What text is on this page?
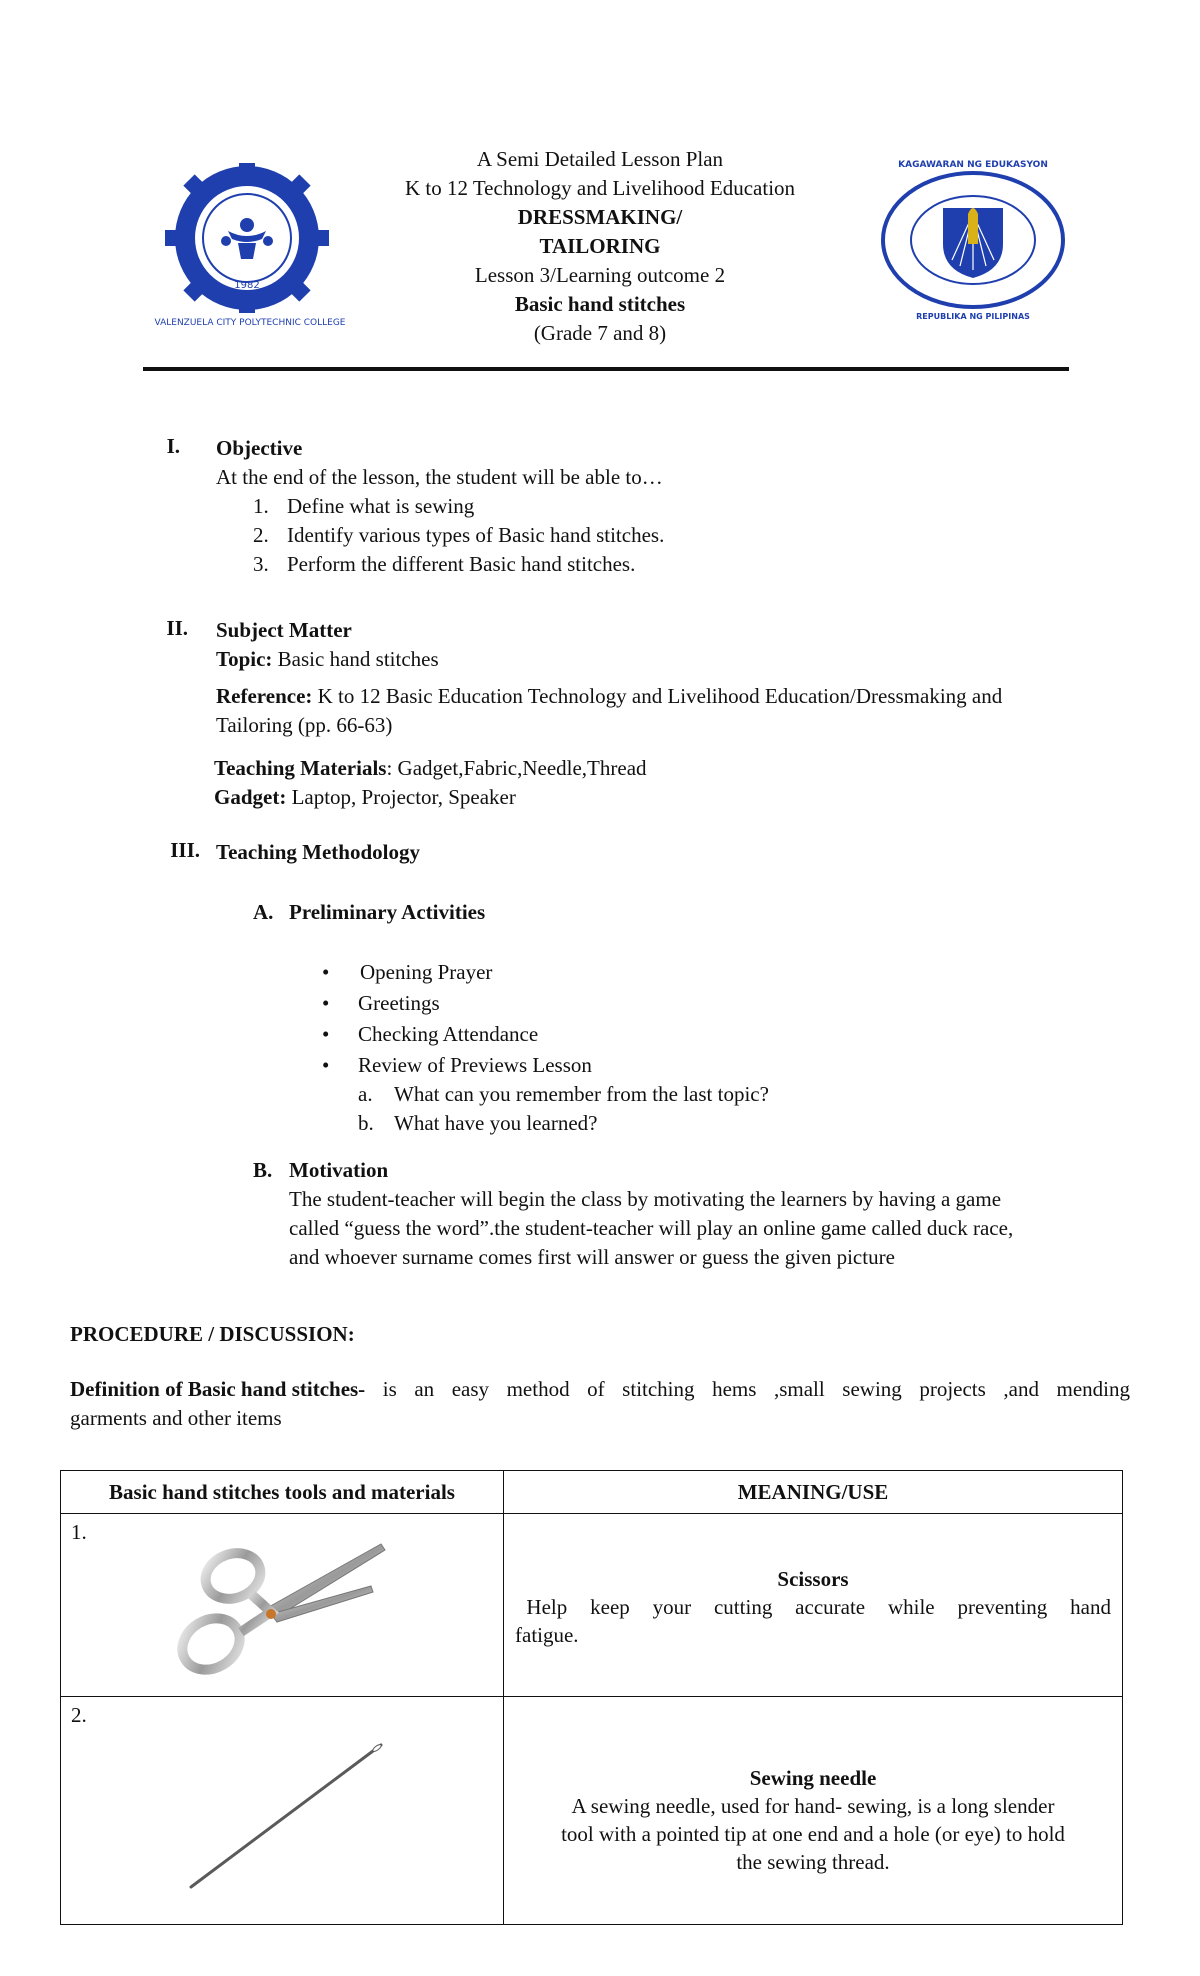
1982
VALENZUELA CITY POLYTECHNIC COLLEGE
A Semi Detailed Lesson Plan
K to 12 Technology and Livelihood Education
DRESSMAKING/
TAILORING
Lesson 3/Learning outcome 2
Basic hand stitches
(Grade 7 and 8)
KAGAWARAN NG EDUKASYON
REPUBLIKA NG PILIPINAS
I. Objective
At the end of the lesson, the student will be able to…
1. Define what is sewing
2. Identify various types of Basic hand stitches.
3. Perform the different Basic hand stitches.
II. Subject Matter
Topic: Basic hand stitches
Reference: K to 12 Basic Education Technology and Livelihood Education/Dressmaking and
Tailoring (pp. 66-63)
Teaching Materials: Gadget,Fabric,Needle,Thread
Gadget: Laptop, Projector, Speaker
III. Teaching Methodology
A. Preliminary Activities
• Opening Prayer
• Greetings
• Checking Attendance
• Review of Previews Lesson
a. What can you remember from the last topic?
b. What have you learned?
B. Motivation
The student-teacher will begin the class by motivating the learners by having a game
called “guess the word”.the student-teacher will play an online game called duck race,
and whoever surname comes first will answer or guess the given picture
PROCEDURE / DISCUSSION:
Definition of Basic hand stitches- is an easy method of stitching hems ,small sewing projects ,and mending
garments and other items
Basic hand stitches tools and materials	MEANING/USE

1.	Scissors
Help  keep  your  cutting  accurate  while  preventing  hand
fatigue.

2.	Sewing needle
A sewing needle, used for hand- sewing, is a long slender
tool with a pointed tip at one end and a hole (or eye) to hold
the sewing thread.
